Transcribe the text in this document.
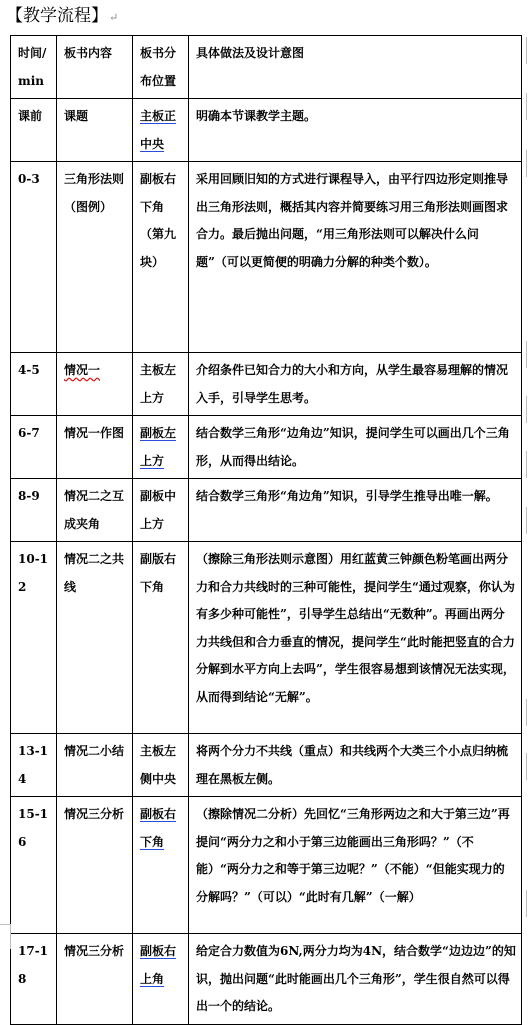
【教学流程】↵
时间/min	板书内容	板书分布位置	具体做法及设计意图
课前	课题	主板正中央	明确本节课教学主题。
0-3	三角形法则（图例）	副板右下角（第九块）	采用回顾旧知的方式进行课程导入，由平行四边形定则推导出三角形法则，概括其内容并简要练习用三角形法则画图求合力。最后抛出问题，“用三角形法则可以解决什么问题”（可以更简便的明确力分解的种类个数）。
4-5	情况一	主板左上方	介绍条件已知合力的大小和方向，从学生最容易理解的情况入手，引导学生思考。
6-7	情况一作图	副板左上方	结合数学三角形“边角边”知识，提问学生可以画出几个三角形，从而得出结论。
8-9	情况二之互成夹角	副板中上方	结合数学三角形“角边角”知识，引导学生推导出唯一解。
10-12	情况二之共线	副版右下角	（擦除三角形法则示意图）用红蓝黄三钟颜色粉笔画出两分力和合力共线时的三种可能性，提问学生“通过观察，你认为有多少种可能性”，引导学生总结出“无数种”。再画出两分力共线但和合力垂直的情况，提问学生“此时能把竖直的合力分解到水平方向上去吗”，学生很容易想到该情况无法实现，从而得到结论“无解”。
13-14	情况二小结	主板左侧中央	将两个分力不共线（重点）和共线两个大类三个小点归纳梳理在黑板左侧。
15-16	情况三分析	副板右下角	（擦除情况二分析）先回忆“三角形两边之和大于第三边”再提问“两分力之和小于第三边能画出三角形吗？”（不能）“两分力之和等于第三边呢？”（不能）“但能实现力的分解吗？”（可以）“此时有几解”（一解）
17-18	情况三分析	副板右上角	给定合力数值为6N,两分力均为4N，结合数学“边边边”的知识，抛出问题“此时能画出几个三角形”，学生很自然可以得出一个的结论。
